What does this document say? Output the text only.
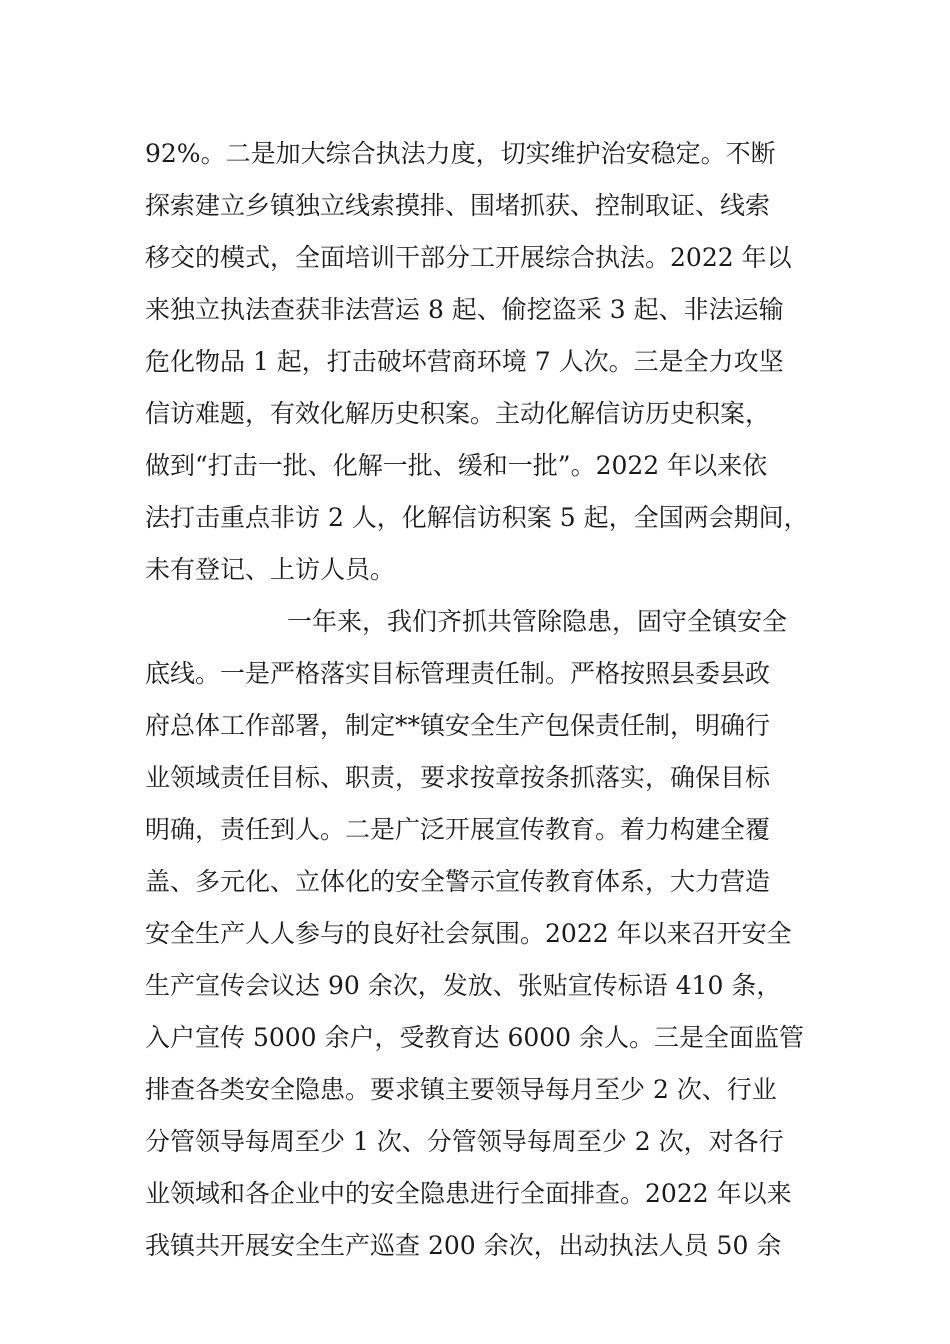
92%。二是加大综合执法力度，切实维护治安稳定。不断
探索建立乡镇独立线索摸排、围堵抓获、控制取证、线索
移交的模式，全面培训干部分工开展综合执法。2022 年以
来独立执法查获非法营运 8 起、偷挖盗采 3 起、非法运输
危化物品 1 起，打击破坏营商环境 7 人次。三是全力攻坚
信访难题，有效化解历史积案。主动化解信访历史积案，
做到“打击一批、化解一批、缓和一批”。2022 年以来依
法打击重点非访 2 人，化解信访积案 5 起，全国两会期间，
未有登记、上访人员。
一年来，我们齐抓共管除隐患，固守全镇安全
底线。一是严格落实目标管理责任制。严格按照县委县政
府总体工作部署，制定**镇安全生产包保责任制，明确行
业领域责任目标、职责，要求按章按条抓落实，确保目标
明确，责任到人。二是广泛开展宣传教育。着力构建全覆
盖、多元化、立体化的安全警示宣传教育体系，大力营造
安全生产人人参与的良好社会氛围。2022 年以来召开安全
生产宣传会议达 90 余次，发放、张贴宣传标语 410 条，
入户宣传 5000 余户，受教育达 6000 余人。三是全面监管
排查各类安全隐患。要求镇主要领导每月至少 2 次、行业
分管领导每周至少 1 次、分管领导每周至少 2 次，对各行
业领域和各企业中的安全隐患进行全面排查。2022 年以来
我镇共开展安全生产巡查 200 余次，出动执法人员 50 余
